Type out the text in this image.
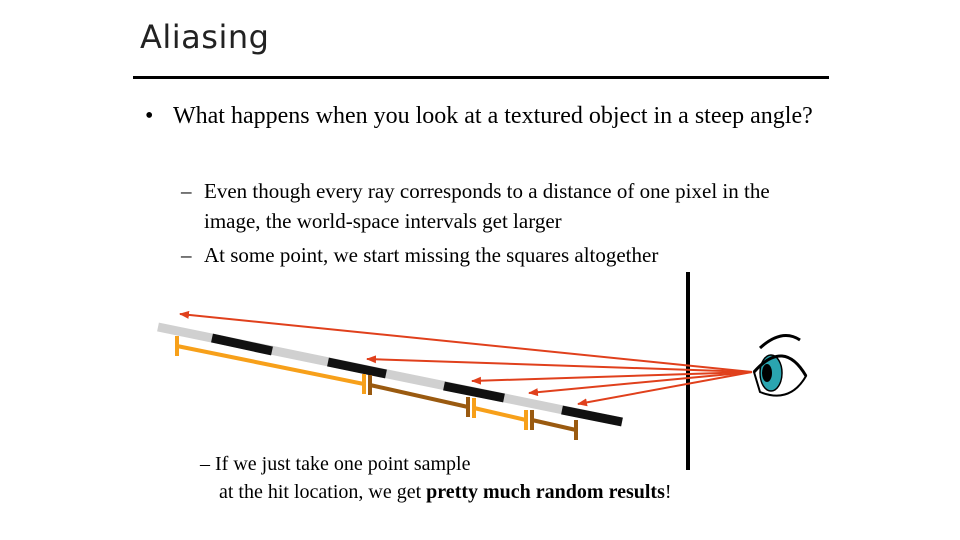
Aliasing
• What happens when you look at a textured object in a steep angle?
– Even though every ray corresponds to a distance of one pixel in the image, the world-space intervals get larger
– At some point, we start missing the squares altogether
– If we just take one point sample
at the hit location, we get pretty much random results!
